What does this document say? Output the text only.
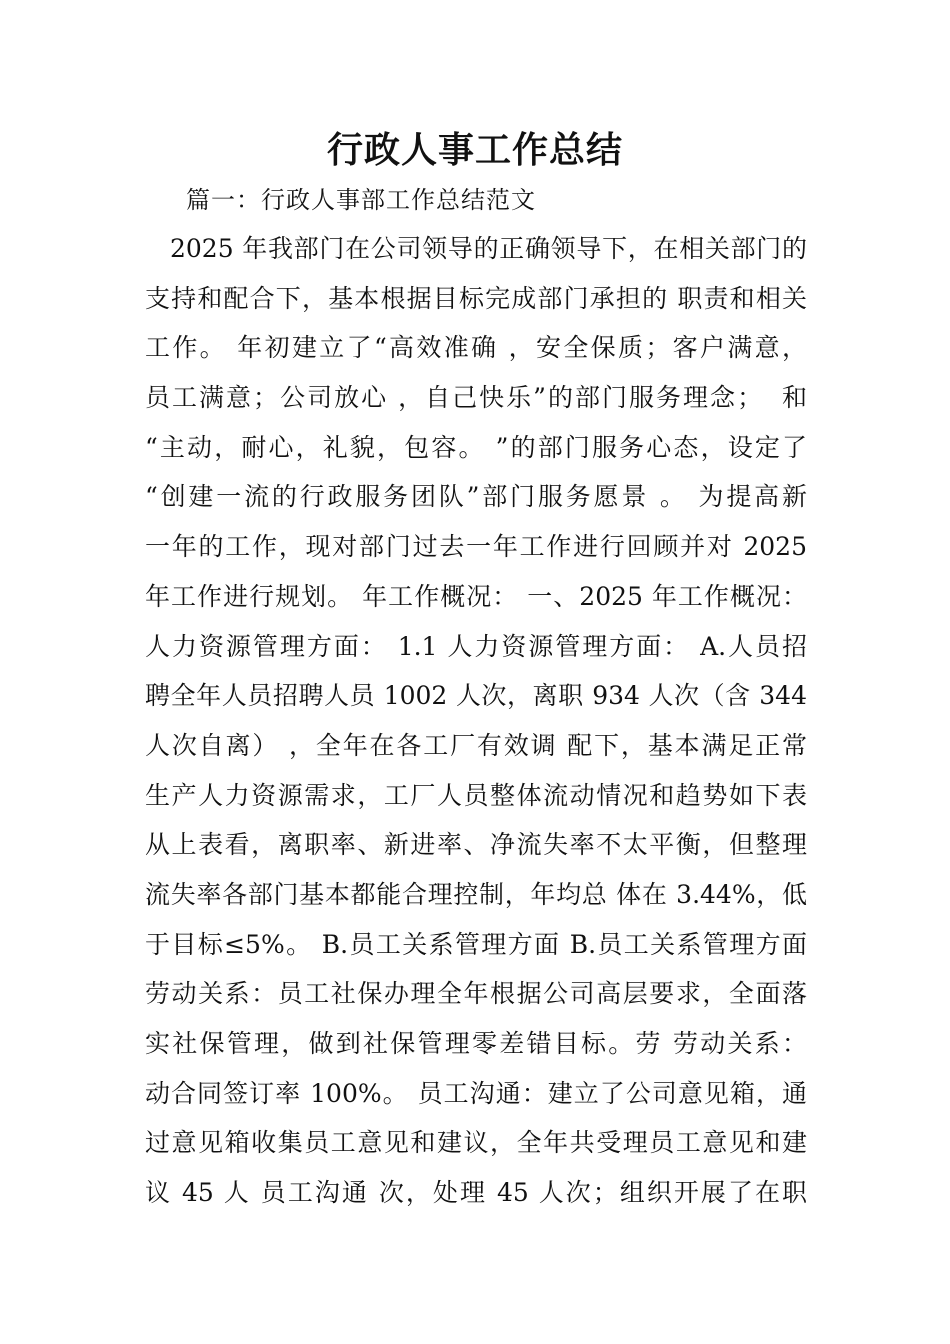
行政人事工作总结
篇一：行政人事部工作总结范文
2025 年我部门在公司领导的正确领导下，在相关部门的
支持和配合下，基本根据目标完成部门承担的 职责和相关
工作。 年初建立了“高效准确 ，安全保质；客户满意，
员工满意；公司放心 ，自己快乐”的部门服务理念；  和
“主动，耐心，礼貌，包容。 ”的部门服务心态，设定了
“创建一流的行政服务团队”部门服务愿景 。 为提高新
一年的工作，现对部门过去一年工作进行回顾并对 2025
年工作进行规划。 年工作概况： 一、2025 年工作概况：
人力资源管理方面： 1.1 人力资源管理方面： A.人员招
聘全年人员招聘人员 1002 人次，离职 934 人次（含 344
人次自离） ，全年在各工厂有效调 配下，基本满足正常
生产人力资源需求，工厂人员整体流动情况和趋势如下表
从上表看，离职率、新进率、净流失率不太平衡，但整理
流失率各部门基本都能合理控制，年均总 体在 3.44%，低
于目标≤5%。 B.员工关系管理方面 B.员工关系管理方面
劳动关系：员工社保办理全年根据公司高层要求，全面落
实社保管理，做到社保管理零差错目标。劳 劳动关系：
动合同签订率 100%。 员工沟通：建立了公司意见箱，通
过意见箱收集员工意见和建议，全年共受理员工意见和建
议 45 人 员工沟通 次，处理 45 人次；组织开展了在职
